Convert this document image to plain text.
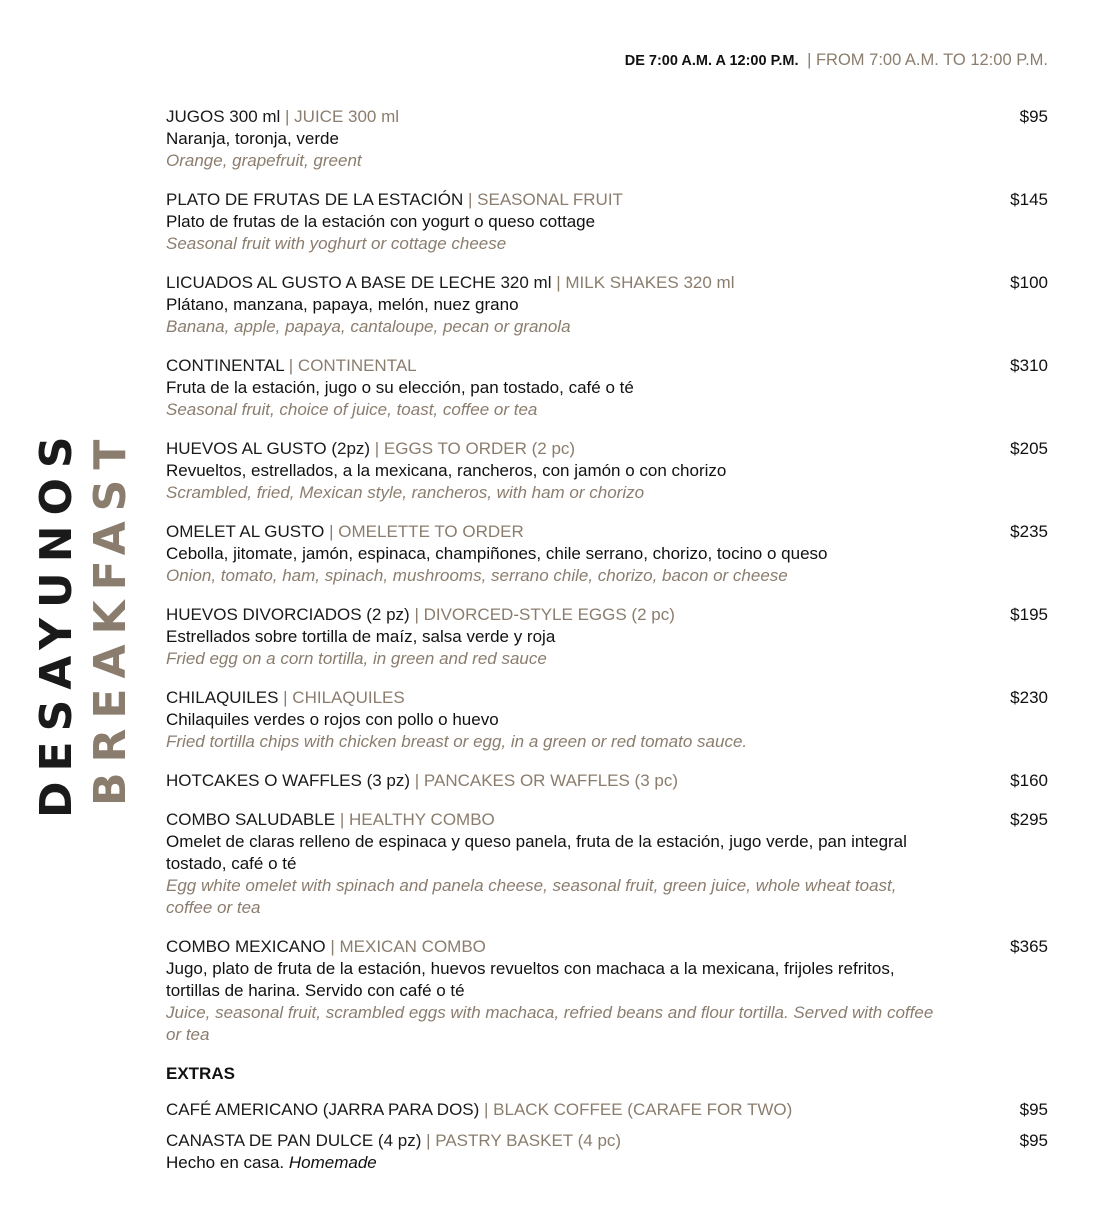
DE 7:00 A.M. A 12:00 P.M. | FROM 7:00 A.M. TO 12:00 P.M.
DESAYUNOS BREAKFAST

JUGOS 300 ml | JUICE 300 ml

Naranja, toronja, verde

Orange, grapefruit, greent

$95

PLATO DE FRUTAS DE LA ESTACIÓN | SEASONAL FRUIT

Plato de frutas de la estación con yogurt o queso cottage

Seasonal fruit with yoghurt or cottage cheese

$145

LICUADOS AL GUSTO A BASE DE LECHE 320 ml | MILK SHAKES 320 ml

Plátano, manzana, papaya, melón, nuez grano

Banana, apple, papaya, cantaloupe, pecan or granola

$100

CONTINENTAL | CONTINENTAL

Fruta de la estación, jugo o su elección, pan tostado, café o té

Seasonal fruit, choice of juice, toast, coffee or tea

$310

HUEVOS AL GUSTO (2pz) | EGGS TO ORDER (2 pc)

Revueltos, estrellados, a la mexicana, rancheros, con jamón o con chorizo

Scrambled, fried, Mexican style, rancheros, with ham or chorizo

$205

OMELET AL GUSTO | OMELETTE TO ORDER

Cebolla, jitomate, jamón, espinaca, champiñones, chile serrano, chorizo, tocino o queso

Onion, tomato, ham, spinach, mushrooms, serrano chile, chorizo, bacon or cheese

$235

HUEVOS DIVORCIADOS (2 pz) | DIVORCED-STYLE EGGS (2 pc)

Estrellados sobre tortilla de maíz, salsa verde y roja

Fried egg on a corn tortilla, in green and red sauce

$195

CHILAQUILES | CHILAQUILES

Chilaquiles verdes o rojos con pollo o huevo

Fried tortilla chips with chicken breast or egg, in a green or red tomato sauce.

$230

HOTCAKES O WAFFLES (3 pz) | PANCAKES OR WAFFLES (3 pc)	$160

COMBO SALUDABLE | HEALTHY COMBO

Omelet de claras relleno de espinaca y queso panela, fruta de la estación, jugo verde, pan integral tostado, café o té

Egg white omelet with spinach and panela cheese, seasonal fruit, green juice, whole wheat toast, coffee or tea

$295

COMBO MEXICANO | MEXICAN COMBO

Jugo, plato de fruta de la estación, huevos revueltos con machaca a la mexicana, frijoles refritos, tortillas de harina. Servido con café o té

Juice, seasonal fruit, scrambled eggs with machaca, refried beans and flour tortilla. Served with coffee or tea

$365
EXTRAS

CAFÉ AMERICANO (JARRA PARA DOS) | BLACK COFFEE (CARAFE FOR TWO)	$95

CANASTA DE PAN DULCE (4 pz) | PASTRY BASKET (4 pc)

Hecho en casa. Homemade

$95
